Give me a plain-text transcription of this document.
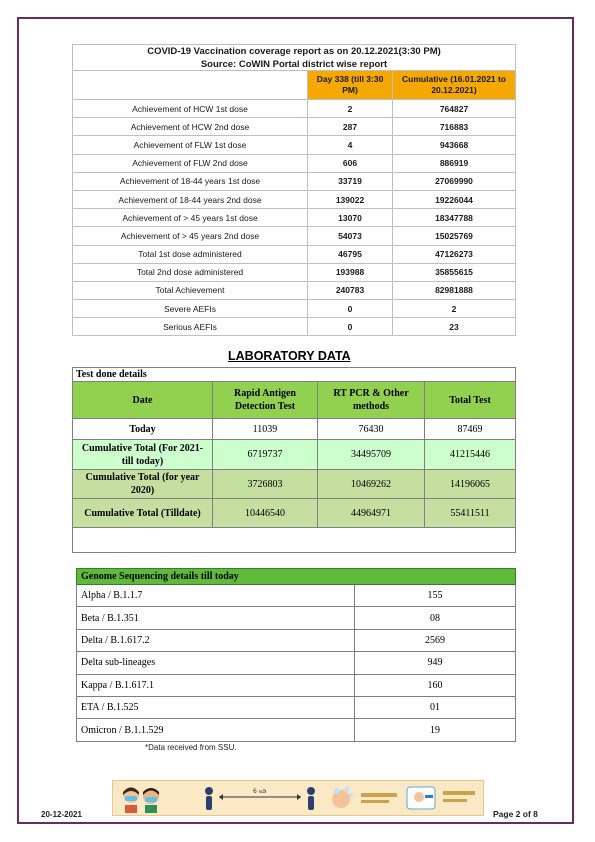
COVID-19 Vaccination coverage report as on 20.12.2021(3:30 PM)		
Source: CoWIN Portal district wise report		
	Day 338 (till 3:30 PM)	Cumulative (16.01.2021 to 20.12.2021)
Achievement of HCW 1st dose	2	764827
Achievement of HCW 2nd dose	287	716883
Achievement of FLW 1st dose	4	943668
Achievement of FLW 2nd dose	606	886919
Achievement of 18-44 years 1st dose	33719	27069990
Achievement of 18-44 years 2nd dose	139022	19226044
Achievement of > 45 years 1st dose	13070	18347788
Achievement of > 45 years 2nd dose	54073	15025769
Total 1st dose administered	46795	47126273
Total 2nd dose administered	193988	35855615
Total Achievement	240783	82981888
Severe AEFIs	0	2
Serious AEFIs	0	23
LABORATORY DATA
Test done details			
Date	Rapid Antigen Detection Test	RT PCR & Other methods	Total Test
Today	11039	76430	87469
Cumulative Total (For 2021- till today)	6719737	34495709	41215446
Cumulative Total (for year 2020)	3726803	10469262	14196065
Cumulative Total (Tilldate)	10446540	44964971	55411511

Genome Sequencing details till today	
Alpha / B.1.1.7	155
Beta / B.1.351	08
Delta / B.1.617.2	2569
Delta sub-lineages	949
Kappa / B.1.617.1	160
ETA / B.1.525	01
Omicron / B.1.1.529	19
*Data received from SSU.
6 ಅಡಿ
20-12-2021	Page 2 of 8
